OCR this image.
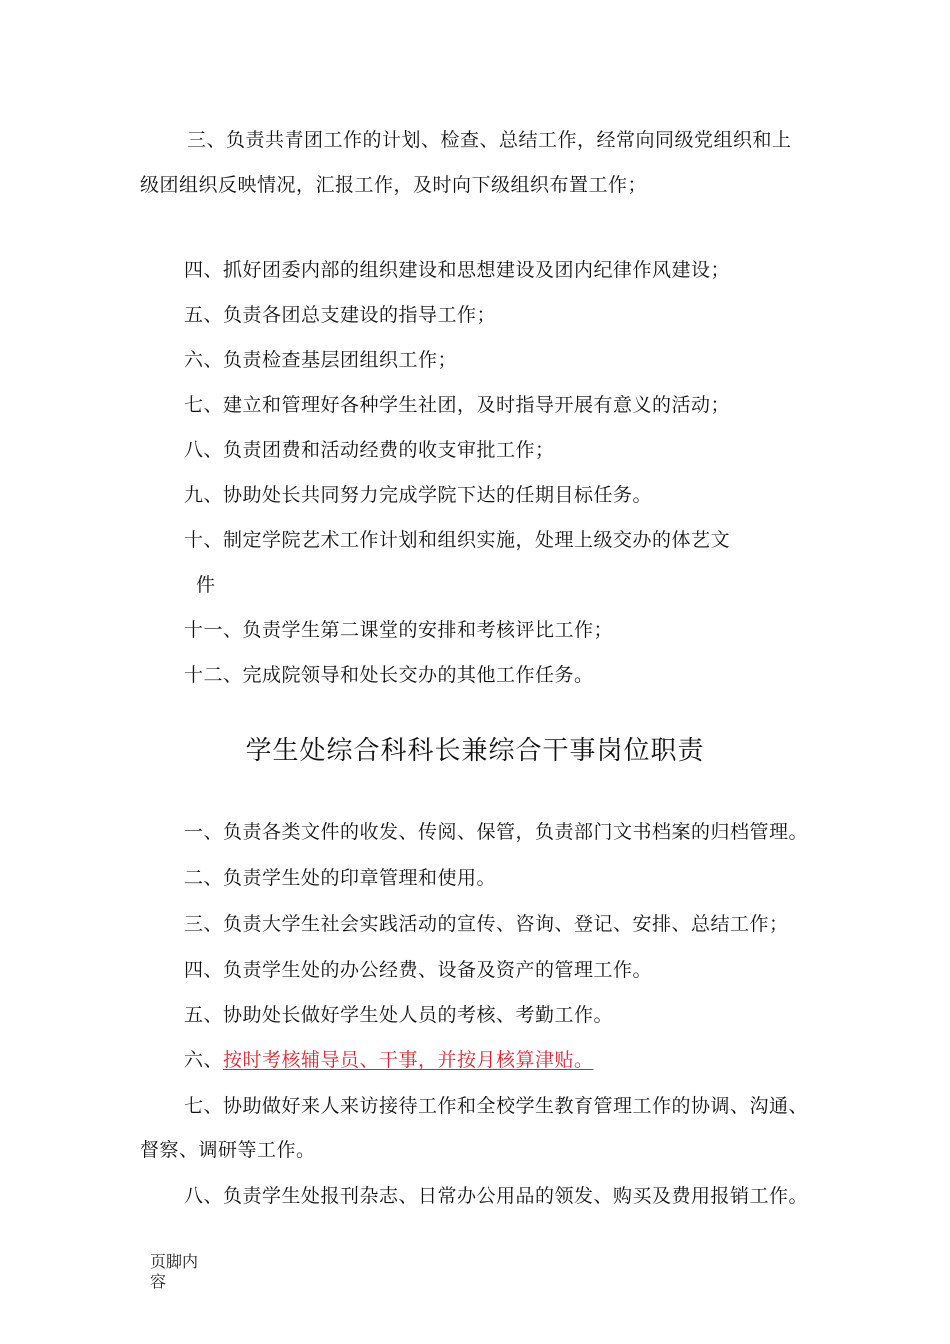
三、负责共青团工作的计划、检查、总结工作，经常向同级党组织和上
级团组织反映情况，汇报工作，及时向下级组织布置工作；
四、抓好团委内部的组织建设和思想建设及团内纪律作风建设；
五、负责各团总支建设的指导工作；
六、负责检查基层团组织工作；
七、建立和管理好各种学生社团，及时指导开展有意义的活动；
八、负责团费和活动经费的收支审批工作；
九、协助处长共同努力完成学院下达的任期目标任务。
十、制定学院艺术工作计划和组织实施，处理上级交办的体艺文
件
十一、负责学生第二课堂的安排和考核评比工作；
十二、完成院领导和处长交办的其他工作任务。
学生处综合科科长兼综合干事岗位职责
一、负责各类文件的收发、传阅、保管，负责部门文书档案的归档管理。
二、负责学生处的印章管理和使用。
三、负责大学生社会实践活动的宣传、咨询、登记、安排、总结工作；
四、负责学生处的办公经费、设备及资产的管理工作。
五、协助处长做好学生处人员的考核、考勤工作。
六、按时考核辅导员、干事，并按月核算津贴。
七、协助做好来人来访接待工作和全校学生教育管理工作的协调、沟通、
督察、调研等工作。
八、负责学生处报刊杂志、日常办公用品的领发、购买及费用报销工作。
页脚内容
